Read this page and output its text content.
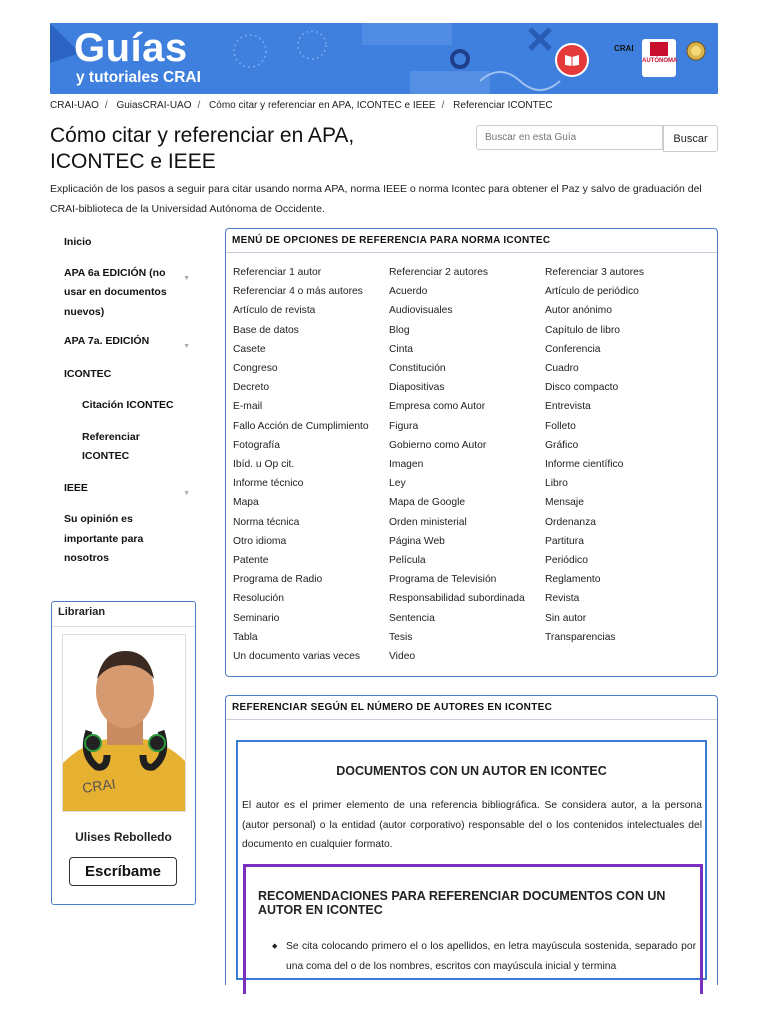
Guías
y tutoriales CRAI
CRAI
AUTÓNOMA
CRAI-UAO / GuiasCRAI-UAO / Cómo citar y referenciar en APA, ICONTEC e IEEE / Referenciar ICONTEC
Cómo citar y referenciar en APA,
ICONTEC e IEEE
Buscar en esta Guía
Buscar
Explicación de los pasos a seguir para citar usando norma APA, norma IEEE o norma Icontec para obtener el Paz y salvo de graduación del CRAI-biblioteca de la Universidad Autónoma de Occidente.
Inicio
APA 6a EDICIÓN (no usar en documentos nuevos)
▼
APA 7a. EDICIÓN	▼
ICONTEC
Citación ICONTEC
Referenciar ICONTEC
IEEE	▼
Su opinión es importante para nosotros
Librarian
CRAI
Ulises Rebolledo
Escríbame
MENÚ DE OPCIONES DE REFERENCIA PARA NORMA ICONTEC
Referenciar 1 autor
Referenciar 4 o más autores
Artículo de revista
Base de datos
Casete
Congreso
Decreto
E-mail
Fallo Acción de Cumplimiento
Fotografía
Ibíd. u Op cit.
Informe técnico
Mapa
Norma técnica
Otro idioma
Patente
Programa de Radio
Resolución
Seminario
Tabla
Un documento varias veces
Referenciar 2 autores
Acuerdo
Audiovisuales
Blog
Cinta
Constitución
Diapositivas
Empresa como Autor
Figura
Gobierno como Autor
Imagen
Ley
Mapa de Google
Orden ministerial
Página Web
Película
Programa de Televisión
Responsabilidad subordinada
Sentencia
Tesis
Video
Referenciar 3 autores
Artículo de periódico
Autor anónimo
Capítulo de libro
Conferencia
Cuadro
Disco compacto
Entrevista
Folleto
Gráfico
Informe científico
Libro
Mensaje
Ordenanza
Partitura
Periódico
Reglamento
Revista
Sin autor
Transparencias
REFERENCIAR SEGÚN EL NÚMERO DE AUTORES EN ICONTEC
DOCUMENTOS CON UN AUTOR EN ICONTEC
El autor es el primer elemento de una referencia bibliográfica. Se considera autor, a la persona (autor personal) o la entidad (autor corporativo) responsable del o los contenidos intelectuales del documento en cualquier formato.
RECOMENDACIONES PARA REFERENCIAR DOCUMENTOS CON UN AUTOR EN ICONTEC
◆ Se cita colocando primero el o los apellidos, en letra mayúscula sostenida, separado por una coma del o de los nombres, escritos con mayúscula inicial y termina
